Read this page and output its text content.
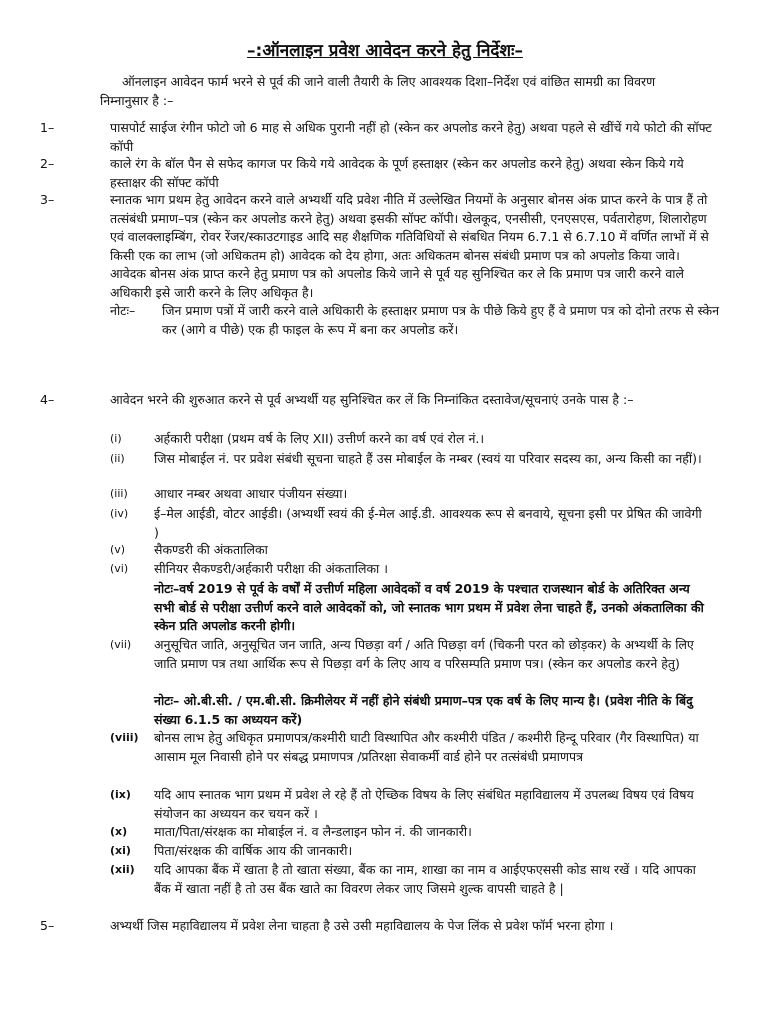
–:ऑनलाइन प्रवेश आवेदन करने हेतु निर्देशः–
ऑनलाइन आवेदन फार्म भरने से पूर्व की जाने वाली तैयारी के लिए आवश्यक दिशा–निर्देश एवं वांछित सामग्री का विवरण निम्नानुसार है :–
1–	पासपोर्ट साईज रंगीन फोटो जो 6 माह से अधिक पुरानी नहीं हो (स्केन कर अपलोड करने हेतु) अथवा पहले से खींचें गये फोटो की सॉफ्ट कॉपी
2–	काले रंग के बॉल पैन से सफेद कागज पर किये गये आवेदक के पूर्ण हस्ताक्षर (स्केन कर अपलोड करने हेतु) अथवा स्केन किये गये हस्ताक्षर की सॉफ्ट कॉपी
3–	स्नातक भाग प्रथम हेतु आवेदन करने वाले अभ्यर्थी यदि प्रवेश नीति में उल्लेखित नियमों के अनुसार बोनस अंक प्राप्त करने के पात्र हैं तो तत्संबंधी प्रमाण–पत्र (स्केन कर अपलोड करने हेतु) अथवा इसकी सॉफ्ट कॉपी। खेलकूद, एनसीसी, एनएसएस, पर्वतारोहण, शिलारोहण एवं वालक्लाइम्बिंग, रोवर रेंजर/स्काउटगाइड आदि सह शैक्षणिक गतिविधियों से संबधित नियम 6.7.1 से 6.7.10 में वर्णित लाभों में से किसी एक का लाभ (जो अधिकतम हो) आवेदक को देय होगा, अतः अधिकतम बोनस संबंधी प्रमाण पत्र को अपलोड किया जावे।
आवेदक बोनस अंक प्राप्त करने हेतु प्रमाण पत्र को अपलोड किये जाने से पूर्व यह सुनिश्चित कर ले कि प्रमाण पत्र जारी करने वाले अधिकारी इसे जारी करने के लिए अधिकृत है।
नोटः– जिन प्रमाण पत्रों में जारी करने वाले अधिकारी के हस्ताक्षर प्रमाण पत्र के पीछे किये हुए हैं वे प्रमाण पत्र को दोनो तरफ से स्केन कर (आगे व पीछे) एक ही फाइल के रूप में बना कर अपलोड करें।
4–	आवेदन भरने की शुरुआत करने से पूर्व अभ्यर्थी यह सुनिश्चित कर लें कि निम्नांकित दस्तावेज/सूचनाएं उनके पास है :–
(i)	अर्हकारी परीक्षा (प्रथम वर्ष के लिए XII) उत्तीर्ण करने का वर्ष एवं रोल नं.।
(ii)	जिस मोबाईल नं. पर प्रवेश संबंधी सूचना चाहते हैं उस मोबाईल के नम्बर (स्वयं या परिवार सदस्य का, अन्य किसी का नहीं)।
(iii)	आधार नम्बर अथवा आधार पंजीयन संख्या।
(iv)	ई–मेल आईडी, वोटर आईडी। (अभ्यर्थी स्वयं की ई-मेल आई.डी. आवश्यक रूप से बनवाये, सूचना इसी पर प्रेषित की जावेगी )
(v)	सैकण्डरी की अंकतालिका
(vi)	सीनियर सैकण्डरी/अर्हकारी परीक्षा की अंकतालिका ।
नोटः–वर्ष 2019 से पूर्व के वर्षों में उत्तीर्ण महिला आवेदकों व वर्ष 2019 के पश्चात राजस्थान बोर्ड के अतिरिक्त अन्य सभी बोर्ड से परीक्षा उत्तीर्ण करने वाले आवेदकों को, जो स्नातक भाग प्रथम में प्रवेश लेना चाहते हैं, उनको अंकतालिका की स्केन प्रति अपलोड करनी होगी।
(vii)	अनुसूचित जाति, अनुसूचित जन जाति, अन्य पिछड़ा वर्ग / अति पिछड़ा वर्ग (चिकनी परत को छोड़कर) के अभ्यर्थी के लिए जाति प्रमाण पत्र तथा आर्थिक रूप से पिछड़ा वर्ग के लिए आय व परिसम्पति प्रमाण पत्र। (स्केन कर अपलोड करने हेतु)
नोटः– ओ.बी.सी. / एम.बी.सी. क्रिमीलेयर में नहीं होने संबंधी प्रमाण–पत्र एक वर्ष के लिए मान्य है। (प्रवेश नीति के बिंदु संख्या 6.1.5 का अध्ययन करें)
(viii)	बोनस लाभ हेतु अधिकृत प्रमाणपत्र/कश्मीरी घाटी विस्थापित और कश्मीरी पंडित / कश्मीरी हिन्दू परिवार (गैर विस्थापित) या आसाम मूल निवासी होने पर संबद्ध प्रमाणपत्र /प्रतिरक्षा सेवाकर्मी वार्ड होने पर तत्संबंधी प्रमाणपत्र
(ix)	यदि आप स्नातक भाग प्रथम में प्रवेश ले रहे हैं तो ऐच्छिक विषय के लिए संबंधित महाविद्यालय में उपलब्ध विषय एवं विषय संयोजन का अध्ययन कर चयन करें ।
(x)	माता/पिता/संरक्षक का मोबाईल नं. व लैन्डलाइन फोन नं. की जानकारी।
(xi)	पिता/संरक्षक की वार्षिक आय की जानकारी।
(xii)	यदि आपका बैंक में खाता है तो खाता संख्या, बैंक का नाम, शाखा का नाम व आईएफएससी कोड साथ रखें । यदि आपका बैंक में खाता नहीं है तो उस बैंक खाते का विवरण लेकर जाए जिसमे शुल्क वापसी चाहते है |
5–	अभ्यर्थी जिस महाविद्यालय में प्रवेश लेना चाहता है उसे उसी महाविद्यालय के पेज लिंक से प्रवेश फॉर्म भरना होगा ।
